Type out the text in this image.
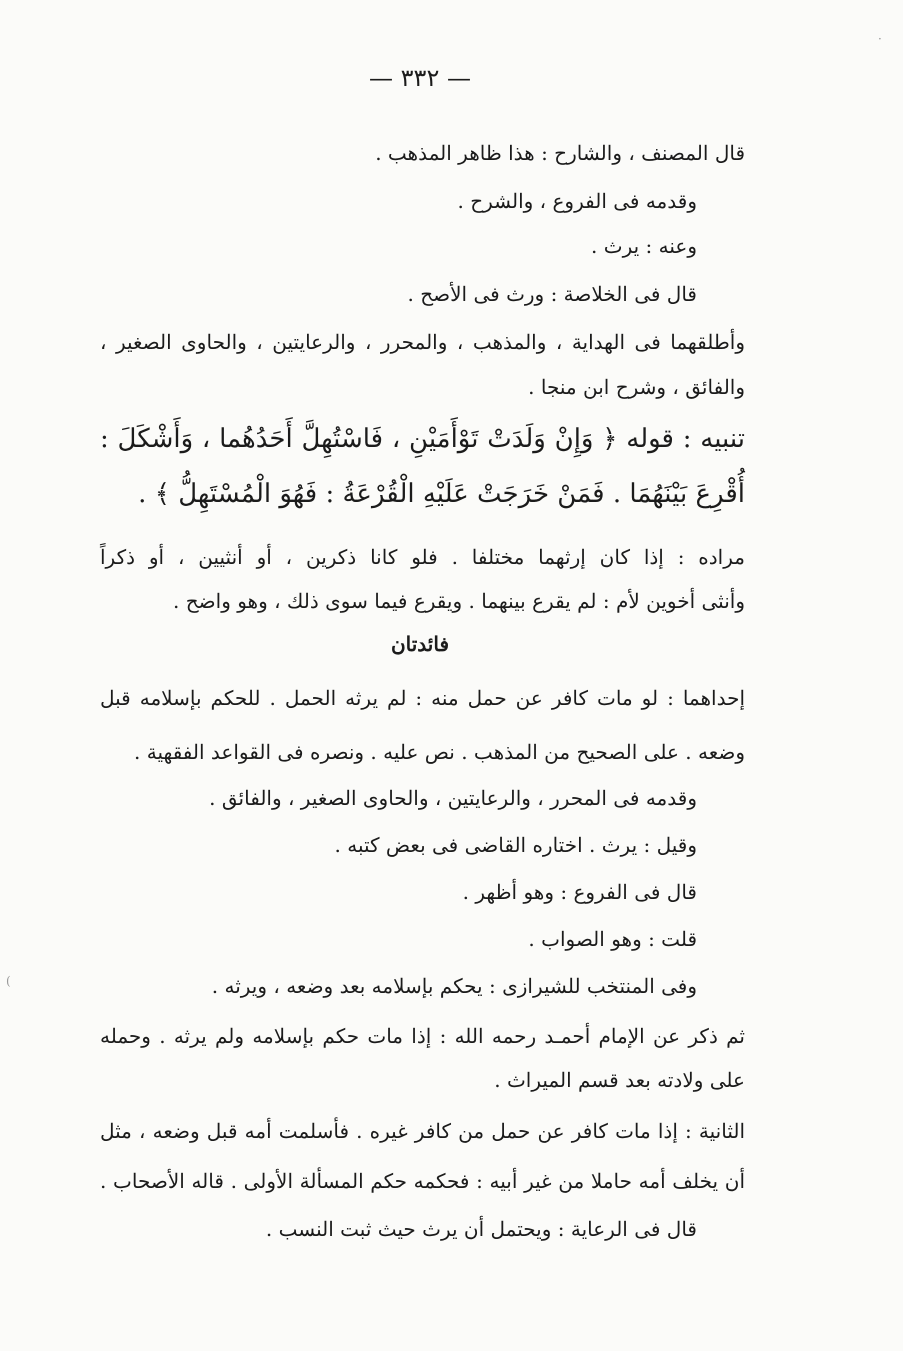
— ٣٣٢ —
قال المصنف ، والشارح : هذا ظاهر المذهب .
وقدمه فى الفروع ، والشرح .
وعنه : يرث .
قال فى الخلاصة : ورث فى الأصح .
وأطلقهما فى الهداية ، والمذهب ، والمحرر ، والرعايتين ، والحاوى الصغير ،
والفائق ، وشرح ابن منجا .
تنبيه : قوله ﴿ وَإِنْ وَلَدَتْ تَوْأَمَيْنِ ، فَاسْتُهِلَّ أَحَدُهُما ، وَأَشْكَلَ :
أُقْرِعَ بَيْنَهُمَا . فَمَنْ خَرَجَتْ عَلَيْهِ الْقُرْعَةُ : فَهُوَ الْمُسْتَهِلُّ ﴾ .
مراده : إذا كان إرثهما مختلفا . فلو كانا ذكرين ، أو أنثيين ، أو ذكراً
وأنثى أخوين لأم : لم يقرع بينهما . ويقرع فيما سوى ذلك ، وهو واضح .
فائدتان
إحداهما : لو مات كافر عن حمل منه : لم يرثه الحمل . للحكم بإسلامه قبل
وضعه . على الصحيح من المذهب . نص عليه . ونصره فى القواعد الفقهية .
وقدمه فى المحرر ، والرعايتين ، والحاوى الصغير ، والفائق .
وقيل : يرث . اختاره القاضى فى بعض كتبه .
قال فى الفروع : وهو أظهر .
قلت : وهو الصواب .
وفى المنتخب للشيرازى : يحكم بإسلامه بعد وضعه ، ويرثه .
ثم ذكر عن الإمام أحمـد رحمه الله : إذا مات حكم بإسلامه ولم يرثه . وحمله
على ولادته بعد قسم الميراث .
الثانية : إذا مات كافر عن حمل من كافر غيره . فأسلمت أمه قبل وضعه ، مثل
أن يخلف أمه حاملا من غير أبيه : فحكمه حكم المسألة الأولى . قاله الأصحاب .
قال فى الرعاية : ويحتمل أن يرث حيث ثبت النسب .
(
·
